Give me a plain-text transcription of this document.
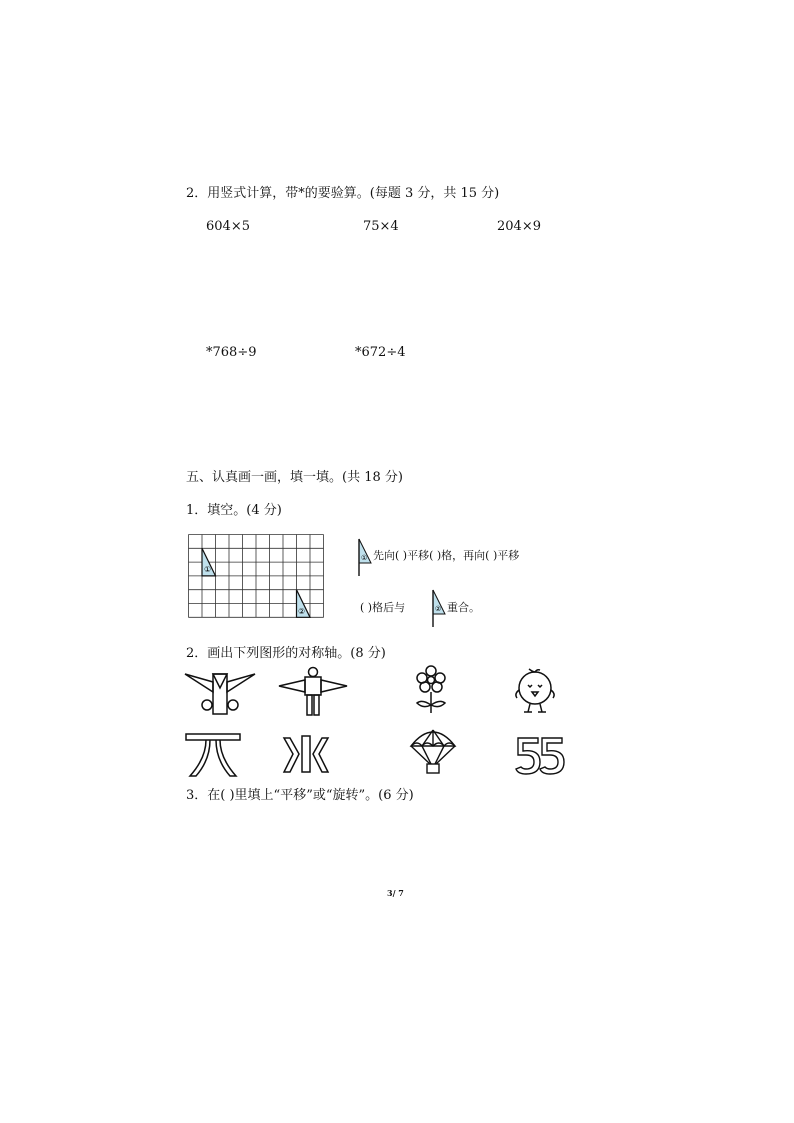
2．用竖式计算，带*的要验算。(每题 3 分，共 15 分)
604×5	75×4	204×9
*768÷9	*672÷4
五、认真画一画，填一填。(共 18 分)
1．填空。(4 分)
①
②
① 先向( )平移( )格，再向( )平移
( )格后与	② 重合。
2．画出下列图形的对称轴。(8 分)
3．在( )里填上“平移”或“旋转”。(6 分)
3/ 7
